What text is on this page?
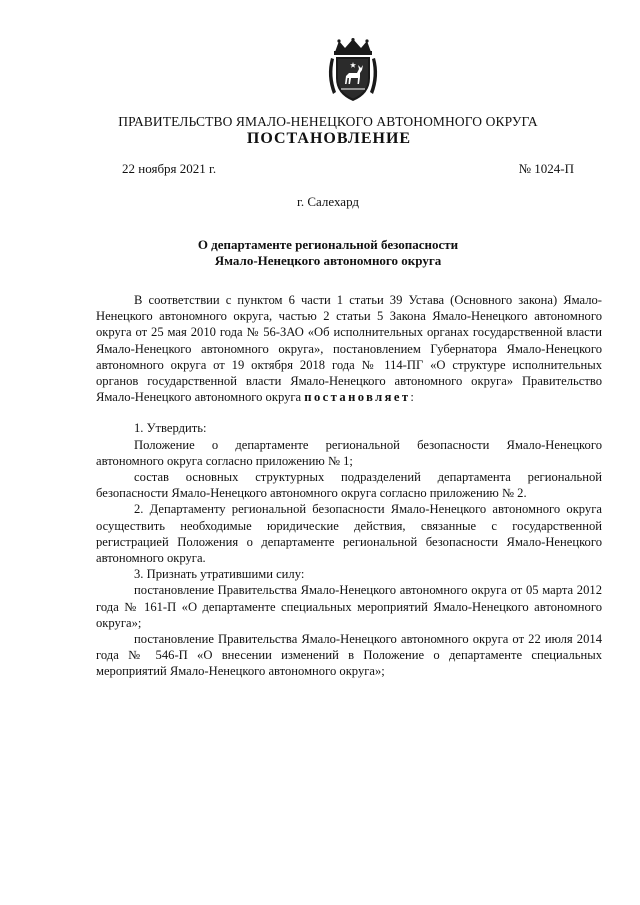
ПРАВИТЕЛЬСТВО ЯМАЛО-НЕНЕЦКОГО АВТОНОМНОГО ОКРУГА
ПОСТАНОВЛЕНИЕ
22 ноября 2021 г.	№ 1024-П
г. Салехард
О департаменте региональной безопасности
Ямало-Ненецкого автономного округа

В соответствии с пунктом 6 части 1 статьи 39 Устава (Основного закона) Ямало-Ненецкого автономного округа, частью 2 статьи 5 Закона Ямало-Ненецкого автономного округа от 25 мая 2010 года № 56-ЗАО «Об исполнительных органах государственной власти Ямало-Ненецкого автономного округа», постановлением Губернатора Ямало-Ненецкого автономного округа от 19 октября 2018 года № 114-ПГ «О структуре исполнительных органов государственной власти Ямало-Ненецкого автономного округа» Правительство Ямало-Ненецкого автономного округа постановляет:

1. Утвердить:

Положение о департаменте региональной безопасности Ямало-Ненецкого автономного округа согласно приложению № 1;

состав основных структурных подразделений департамента региональной безопасности Ямало-Ненецкого автономного округа согласно приложению № 2.

2. Департаменту региональной безопасности Ямало-Ненецкого автономного округа осуществить необходимые юридические действия, связанные с государственной регистрацией Положения о департаменте региональной безопасности Ямало-Ненецкого автономного округа.

3. Признать утратившими силу:

постановление Правительства Ямало-Ненецкого автономного округа от 05 марта 2012 года № 161-П «О департаменте специальных мероприятий Ямало-Ненецкого автономного округа»;

постановление Правительства Ямало-Ненецкого автономного округа от 22 июля 2014 года № 546-П «О внесении изменений в Положение о департаменте специальных мероприятий Ямало-Ненецкого автономного округа»;
